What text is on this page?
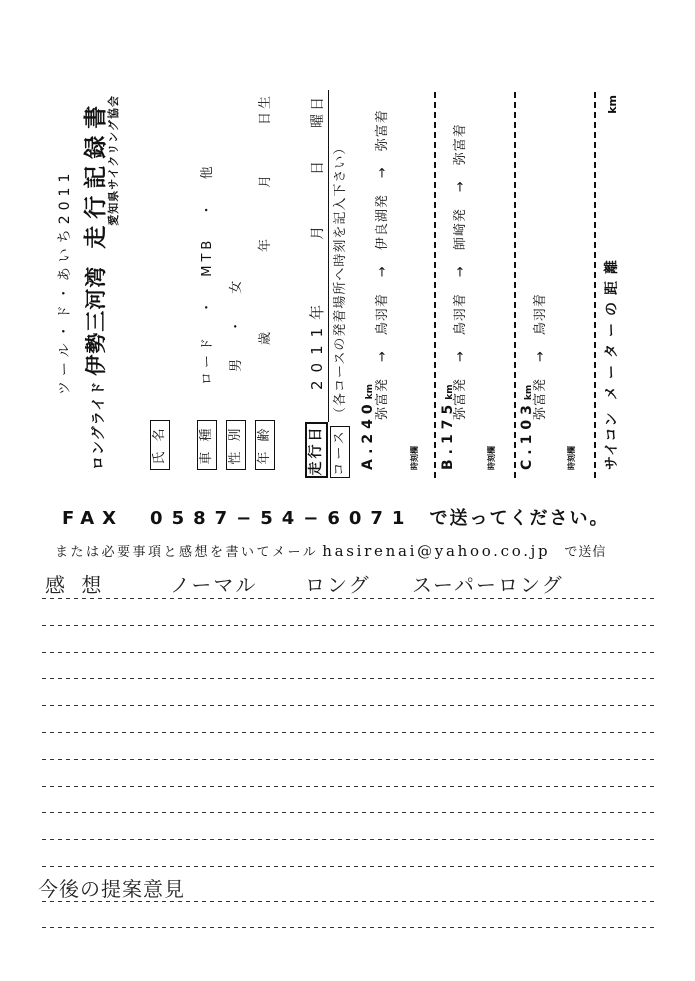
ツール・ド・あいち2011
ロングライド
伊勢三河湾
走行記録書
愛知県サイクリング協会
氏 名 車 種
ロード ・ MTB ・ 他
性 別
男 ・ 女
年 齢
歳
年
月
日生
走行日
2011年
月
日
曜日
コース
（各コースの発着場所へ時刻を記入下さい）
A.240
km 弥富発
→
鳥羽着
→
伊良湖発
→
弥富着
時刻欄 B.175
km
弥富発
→
鳥羽着
→
師崎発
→
弥富着
時刻欄 C.103
km 弥富発
→
鳥羽着
時刻欄 サイコン
メーターの距離
km
FAX 0587−54−6071 で送ってください。
または必要事項と感想を書いてメール hasirenai@yahoo.co.jp で送信
感 想	ノーマル ロング スーパーロング
今後の提案意見
